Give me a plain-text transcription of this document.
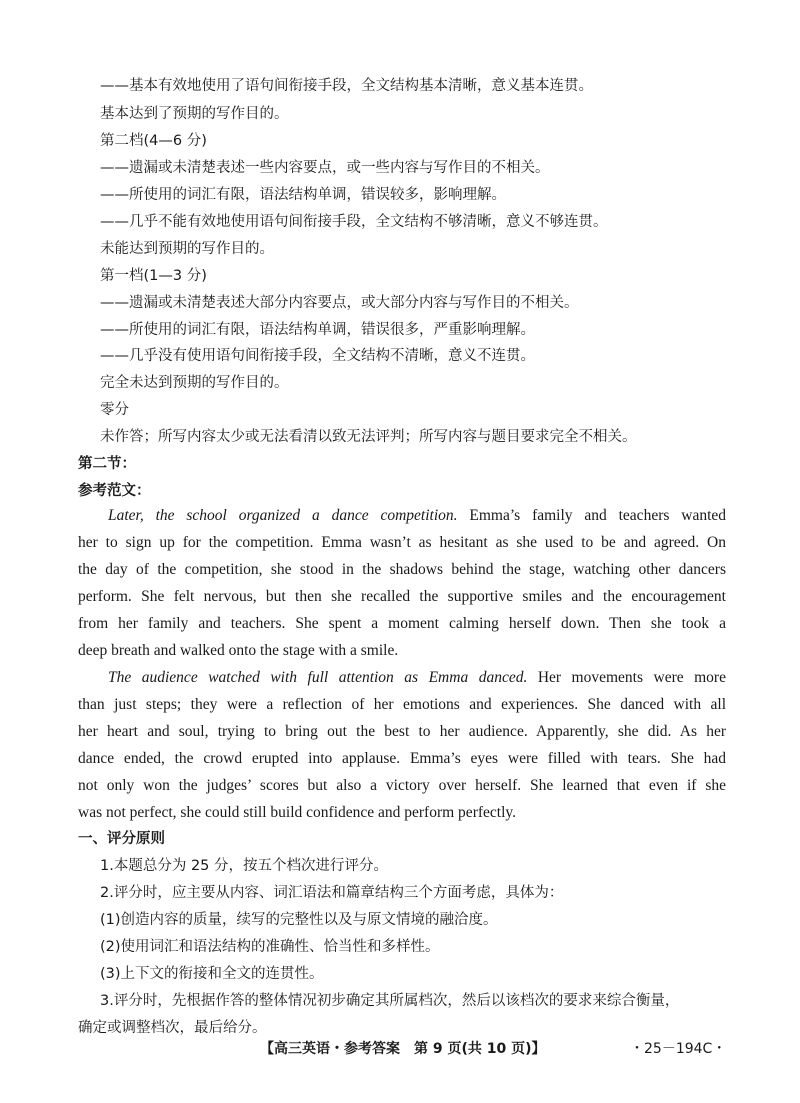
——基本有效地使用了语句间衔接手段，全文结构基本清晰，意义基本连贯。
基本达到了预期的写作目的。
第二档(4—6 分)
——遗漏或未清楚表述一些内容要点，或一些内容与写作目的不相关。
——所使用的词汇有限，语法结构单调，错误较多，影响理解。
——几乎不能有效地使用语句间衔接手段，全文结构不够清晰，意义不够连贯。
未能达到预期的写作目的。
第一档(1—3 分)
——遗漏或未清楚表述大部分内容要点，或大部分内容与写作目的不相关。
——所使用的词汇有限，语法结构单调，错误很多，严重影响理解。
——几乎没有使用语句间衔接手段，全文结构不清晰，意义不连贯。
完全未达到预期的写作目的。
零分
未作答；所写内容太少或无法看清以致无法评判；所写内容与题目要求完全不相关。
第二节：
参考范文：
Later, the school organized a dance competition. Emma’s family and teachers wanted
her to sign up for the competition. Emma wasn’t as hesitant as she used to be and agreed. On
the day of the competition, she stood in the shadows behind the stage, watching other dancers
perform. She felt nervous, but then she recalled the supportive smiles and the encouragement
from her family and teachers. She spent a moment calming herself down. Then she took a
deep breath and walked onto the stage with a smile.
The audience watched with full attention as Emma danced. Her movements were more
than just steps; they were a reflection of her emotions and experiences. She danced with all
her heart and soul, trying to bring out the best to her audience. Apparently, she did. As her
dance ended, the crowd erupted into applause. Emma’s eyes were filled with tears. She had
not only won the judges’ scores but also a victory over herself. She learned that even if she
was not perfect, she could still build confidence and perform perfectly.
一、评分原则
1.本题总分为 25 分，按五个档次进行评分。
2.评分时，应主要从内容、词汇语法和篇章结构三个方面考虑，具体为：
(1)创造内容的质量，续写的完整性以及与原文情境的融洽度。
(2)使用词汇和语法结构的准确性、恰当性和多样性。
(3)上下文的衔接和全文的连贯性。
3.评分时，先根据作答的整体情况初步确定其所属档次，然后以该档次的要求来综合衡量，
确定或调整档次，最后给分。
【高三英语・参考答案　第 9 页(共 10 页)】	・25－194C・
